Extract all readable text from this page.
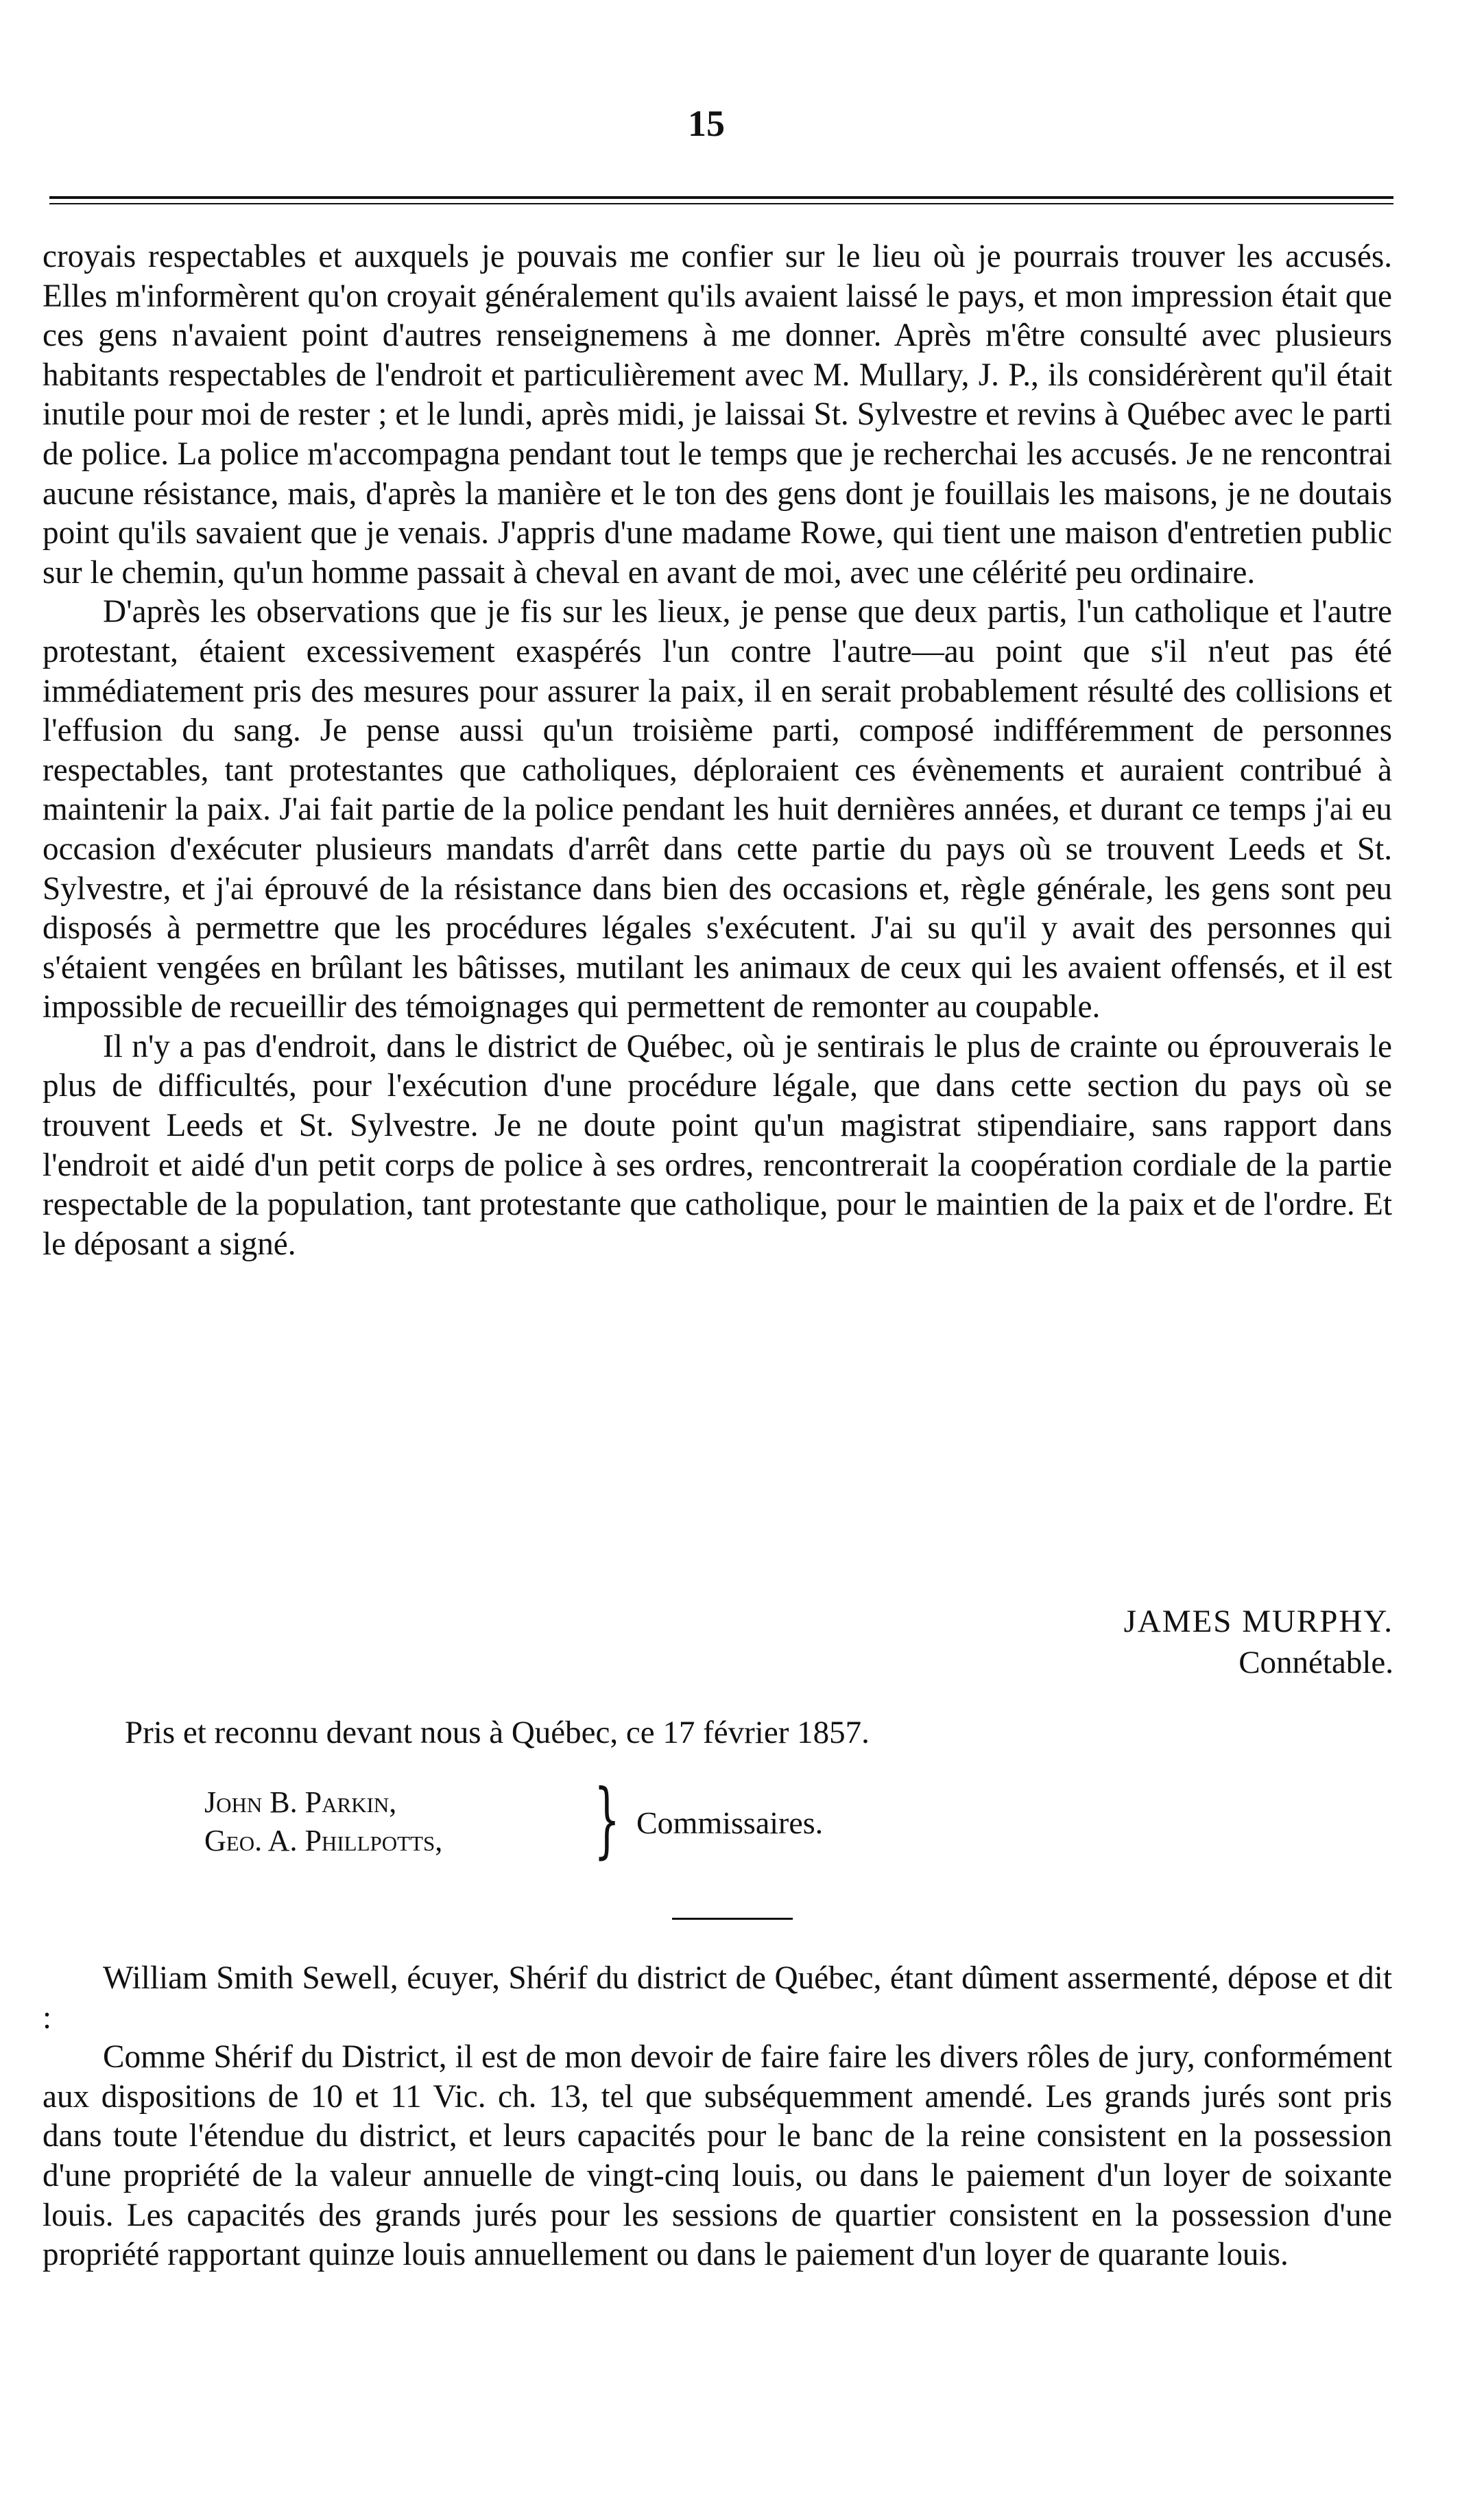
15

croyais respectables et auxquels je pouvais me confier sur le lieu où je pourrais trouver les accusés. Elles m'informèrent qu'on croyait généralement qu'ils avaient laissé le pays, et mon impression était que ces gens n'avaient point d'autres renseignemens à me donner. Après m'être consulté avec plusieurs habitants respectables de l'endroit et particulièrement avec M. Mullary, J. P., ils considérèrent qu'il était inutile pour moi de rester ; et le lundi, après midi, je laissai St. Sylvestre et revins à Québec avec le parti de police. La police m'accompagna pendant tout le temps que je recherchai les accusés. Je ne rencontrai aucune résistance, mais, d'après la manière et le ton des gens dont je fouillais les maisons, je ne doutais point qu'ils savaient que je venais. J'appris d'une madame Rowe, qui tient une maison d'entretien public sur le chemin, qu'un homme passait à cheval en avant de moi, avec une célérité peu ordinaire.

D'après les observations que je fis sur les lieux, je pense que deux partis, l'un catholique et l'autre protestant, étaient excessivement exaspérés l'un contre l'autre—au point que s'il n'eut pas été immédiatement pris des mesures pour assurer la paix, il en serait probablement résulté des collisions et l'effusion du sang. Je pense aussi qu'un troisième parti, composé indifféremment de personnes respectables, tant protestantes que catholiques, déploraient ces évènements et auraient contribué à maintenir la paix. J'ai fait partie de la police pendant les huit dernières années, et durant ce temps j'ai eu occasion d'exécuter plusieurs mandats d'arrêt dans cette partie du pays où se trouvent Leeds et St. Sylvestre, et j'ai éprouvé de la résistance dans bien des occasions et, règle générale, les gens sont peu disposés à permettre que les procédures légales s'exécutent. J'ai su qu'il y avait des personnes qui s'étaient vengées en brûlant les bâtisses, mutilant les animaux de ceux qui les avaient offensés, et il est impossible de recueillir des témoignages qui permettent de remonter au coupable.

Il n'y a pas d'endroit, dans le district de Québec, où je sentirais le plus de crainte ou éprouverais le plus de difficultés, pour l'exécution d'une procédure légale, que dans cette section du pays où se trouvent Leeds et St. Sylvestre. Je ne doute point qu'un magistrat stipendiaire, sans rapport dans l'endroit et aidé d'un petit corps de police à ses ordres, rencontrerait la coopération cordiale de la partie respectable de la population, tant protestante que catholique, pour le maintien de la paix et de l'ordre. Et le déposant a signé.

JAMES MURPHY.
Connétable.
Pris et reconnu devant nous à Québec, ce 17 février 1857.
John B. Parkin,
Geo. A. Phillpotts, } Commissaires.

William Smith Sewell, écuyer, Shérif du district de Québec, étant dûment assermenté, dépose et dit :

Comme Shérif du District, il est de mon devoir de faire faire les divers rôles de jury, conformément aux dispositions de 10 et 11 Vic. ch. 13, tel que subséquemment amendé. Les grands jurés sont pris dans toute l'étendue du district, et leurs capacités pour le banc de la reine consistent en la possession d'une propriété de la valeur annuelle de vingt-cinq louis, ou dans le paiement d'un loyer de soixante louis. Les capacités des grands jurés pour les sessions de quartier consistent en la possession d'une propriété rapportant quinze louis annuellement ou dans le paiement d'un loyer de quarante louis.
